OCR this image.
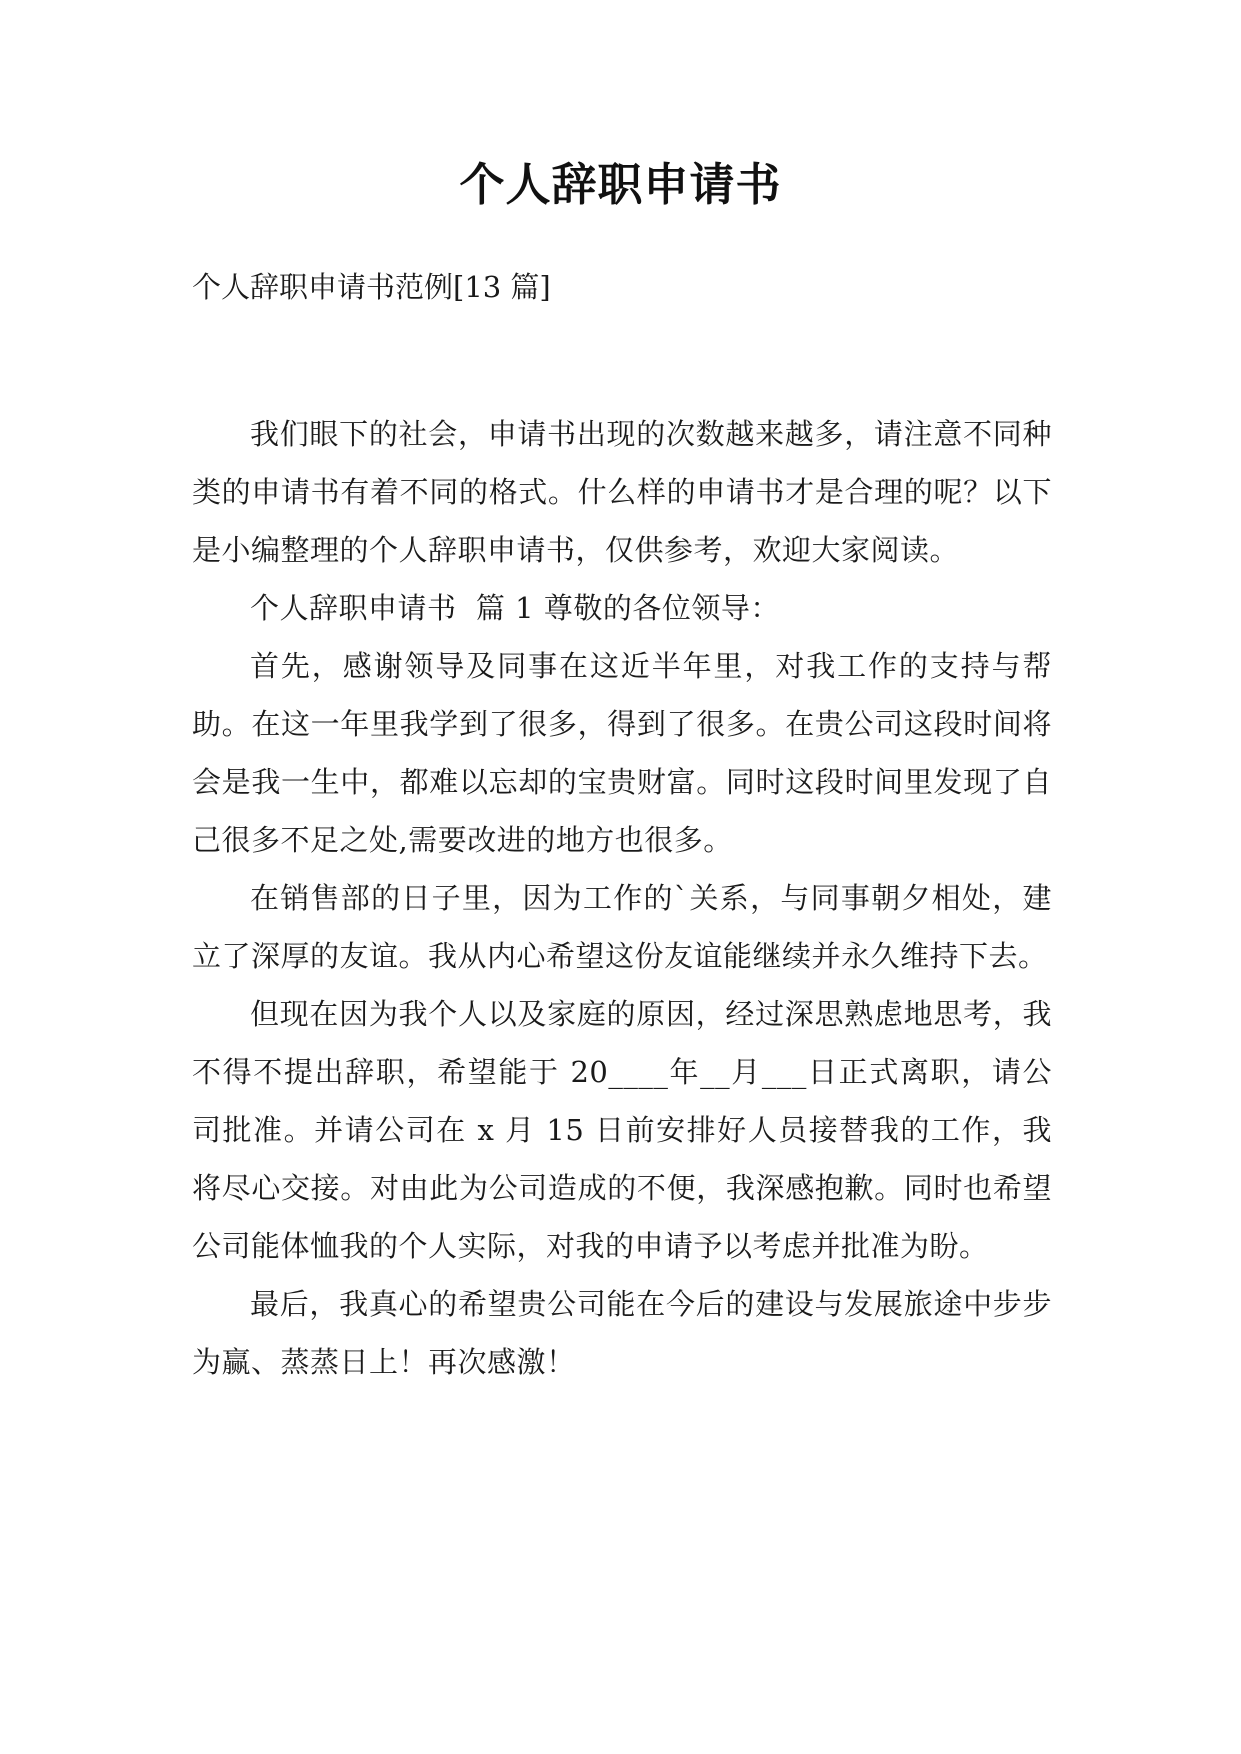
个人辞职申请书

个人辞职申请书范例[13 篇]

我们眼下的社会，申请书出现的次数越来越多，请注意不同种类的申请书有着不同的格式。什么样的申请书才是合理的呢？以下是小编整理的个人辞职申请书，仅供参考，欢迎大家阅读。

个人辞职申请书  篇 1 尊敬的各位领导：

首先，感谢领导及同事在这近半年里，对我工作的支持与帮助。在这一年里我学到了很多，得到了很多。在贵公司这段时间将会是我一生中，都难以忘却的宝贵财富。同时这段时间里发现了自己很多不足之处,需要改进的地方也很多。

在销售部的日子里，因为工作的`关系，与同事朝夕相处，建立了深厚的友谊。我从内心希望这份友谊能继续并永久维持下去。

但现在因为我个人以及家庭的原因，经过深思熟虑地思考，我不得不提出辞职，希望能于 20____年__月___日正式离职，请公司批准。并请公司在 x 月 15 日前安排好人员接替我的工作，我将尽心交接。对由此为公司造成的不便，我深感抱歉。同时也希望公司能体恤我的个人实际，对我的申请予以考虑并批准为盼。

最后，我真心的希望贵公司能在今后的建设与发展旅途中步步为赢、蒸蒸日上！再次感激！
